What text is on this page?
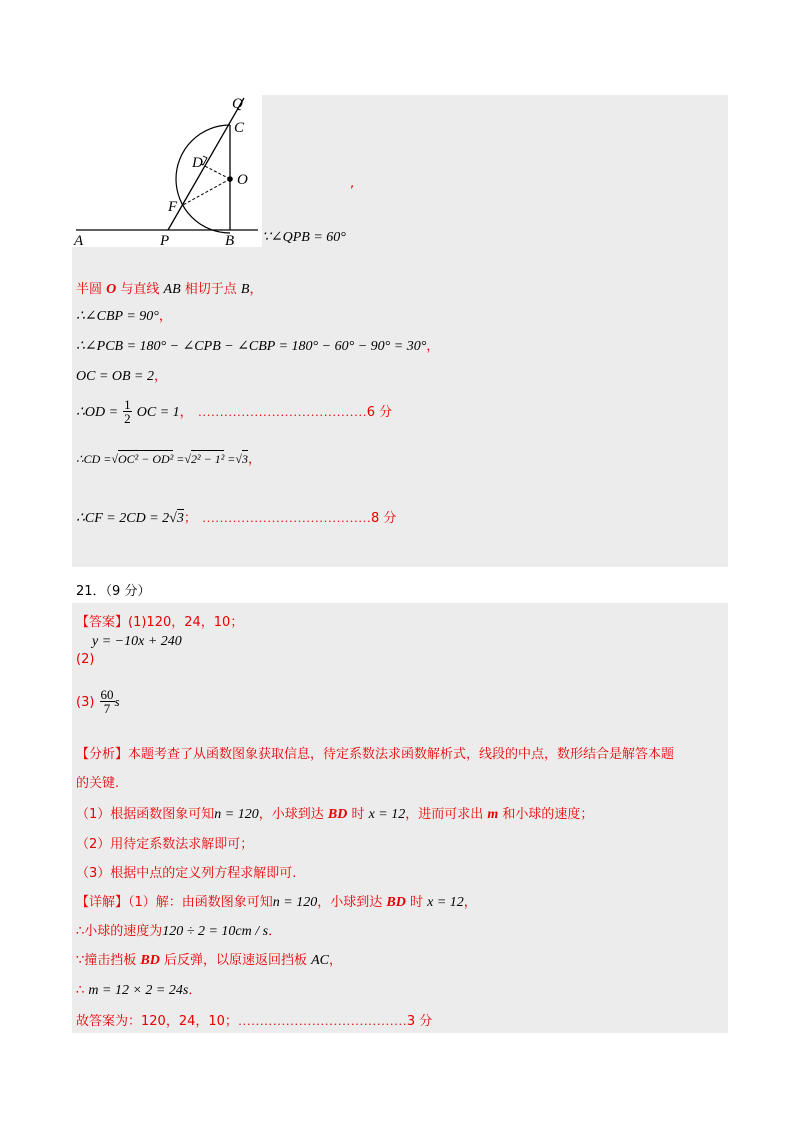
Q
C
D
O
F
A	P	B
,
∵∠QPB = 60°
半圆 O 与直线 AB 相切于点 B，
∴∠CBP = 90°，
∴∠PCB = 180° − ∠CPB − ∠CBP = 180° − 60° − 90° = 30°，
OC = OB = 2，
∴OD = $\frac{1}{2}$ OC = 1， …………………………………6 分
∴CD =√OC² − OD² =√2² − 1² =√3，
∴CF = 2CD = 2√3； …………………………………8 分
21．（9 分）
【答案】(1)120，24，10；
y = −10x + 240
(2)
$(3) \frac{60}{7}$ s
【分析】本题考查了从函数图象获取信息，待定系数法求函数解析式，线段的中点，数形结合是解答本题
的关键.
（1）根据函数图象可知n = 120，小球到达 BD 时 x = 12，进而可求出 m 和小球的速度；
（2）用待定系数法求解即可；
（3）根据中点的定义列方程求解即可.
【详解】（1）解：由函数图象可知n = 120，小球到达 BD 时 x = 12，
∴小球的速度为120 ÷ 2 = 10cm / s．
∵撞击挡板 BD 后反弹，以原速返回挡板 AC，
∴ m = 12 × 2 = 24s．
故答案为：120，24，10；…………………………………3 分
